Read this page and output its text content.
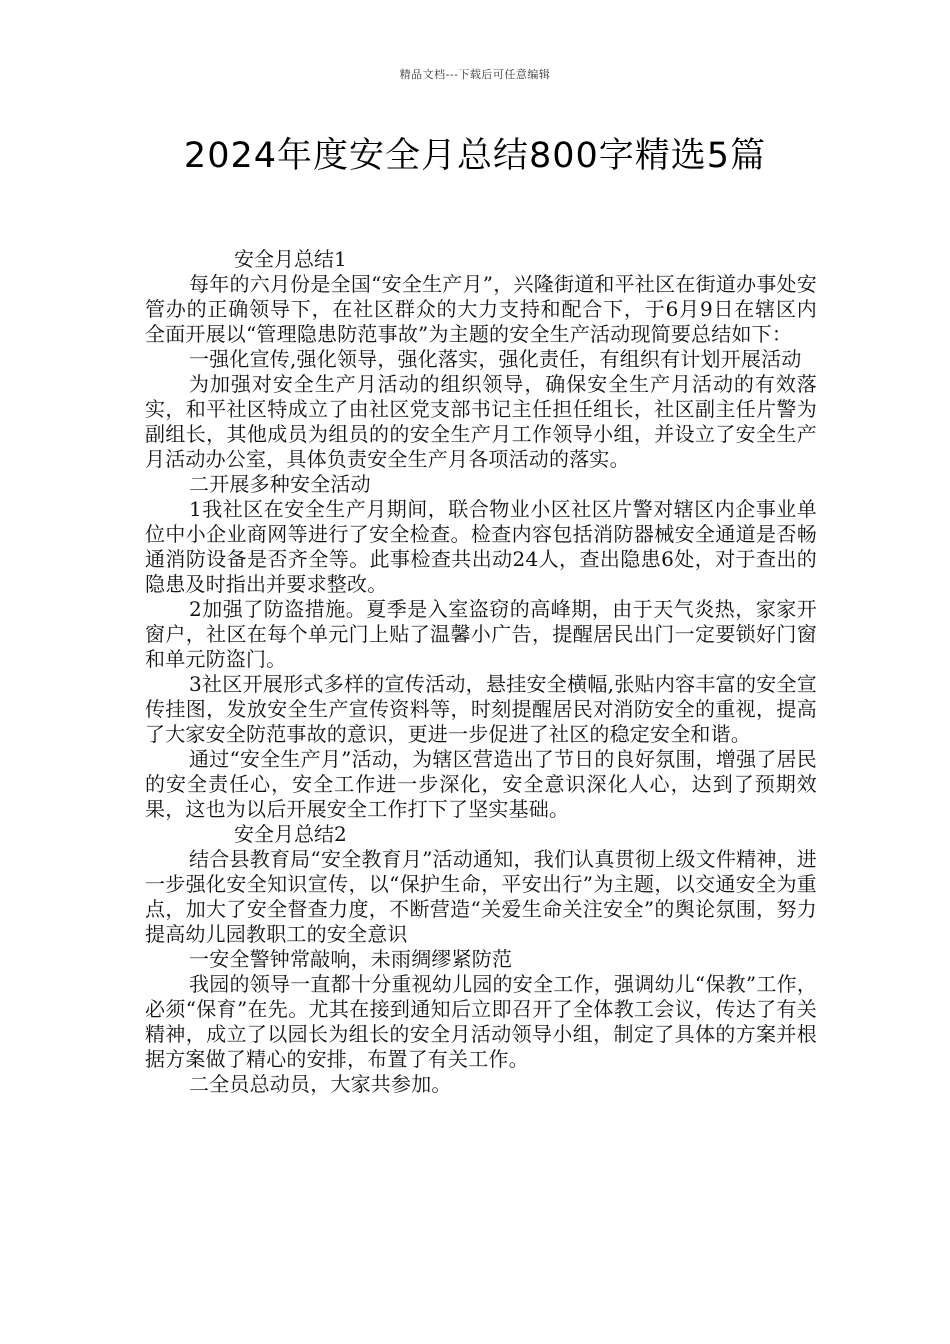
精品文档---下载后可任意编辑
2024年度安全月总结800字精选5篇

安全月总结1

每年的六月份是全国“安全生产月”，兴隆街道和平社区在街道办事处安管办的正确领导下，在社区群众的大力支持和配合下，于6月9日在辖区内全面开展以“管理隐患防范事故”为主题的安全生产活动现简要总结如下：

一强化宣传,强化领导，强化落实，强化责任，有组织有计划开展活动

为加强对安全生产月活动的组织领导，确保安全生产月活动的有效落实，和平社区特成立了由社区党支部书记主任担任组长，社区副主任片警为副组长，其他成员为组员的的安全生产月工作领导小组，并设立了安全生产月活动办公室，具体负责安全生产月各项活动的落实。

二开展多种安全活动

1我社区在安全生产月期间，联合物业小区社区片警对辖区内企事业单位中小企业商网等进行了安全检查。检查内容包括消防器械安全通道是否畅通消防设备是否齐全等。此事检查共出动24人，查出隐患6处，对于查出的隐患及时指出并要求整改。

2加强了防盗措施。夏季是入室盗窃的高峰期，由于天气炎热，家家开窗户，社区在每个单元门上贴了温馨小广告，提醒居民出门一定要锁好门窗和单元防盗门。

3社区开展形式多样的宣传活动，悬挂安全横幅,张贴内容丰富的安全宣传挂图，发放安全生产宣传资料等，时刻提醒居民对消防安全的重视，提高了大家安全防范事故的意识，更进一步促进了社区的稳定安全和谐。

通过“安全生产月”活动，为辖区营造出了节日的良好氛围，增强了居民的安全责任心，安全工作进一步深化，安全意识深化人心，达到了预期效果，这也为以后开展安全工作打下了坚实基础。

安全月总结2

结合县教育局“安全教育月”活动通知，我们认真贯彻上级文件精神，进一步强化安全知识宣传，以“保护生命，平安出行”为主题，以交通安全为重点，加大了安全督查力度，不断营造“关爱生命关注安全”的舆论氛围，努力提高幼儿园教职工的安全意识

一安全警钟常敲响，未雨绸缪紧防范

我园的领导一直都十分重视幼儿园的安全工作，强调幼儿“保教”工作，必须“保育”在先。尤其在接到通知后立即召开了全体教工会议，传达了有关精神，成立了以园长为组长的安全月活动领导小组，制定了具体的方案并根据方案做了精心的安排，布置了有关工作。

二全员总动员，大家共参加。
